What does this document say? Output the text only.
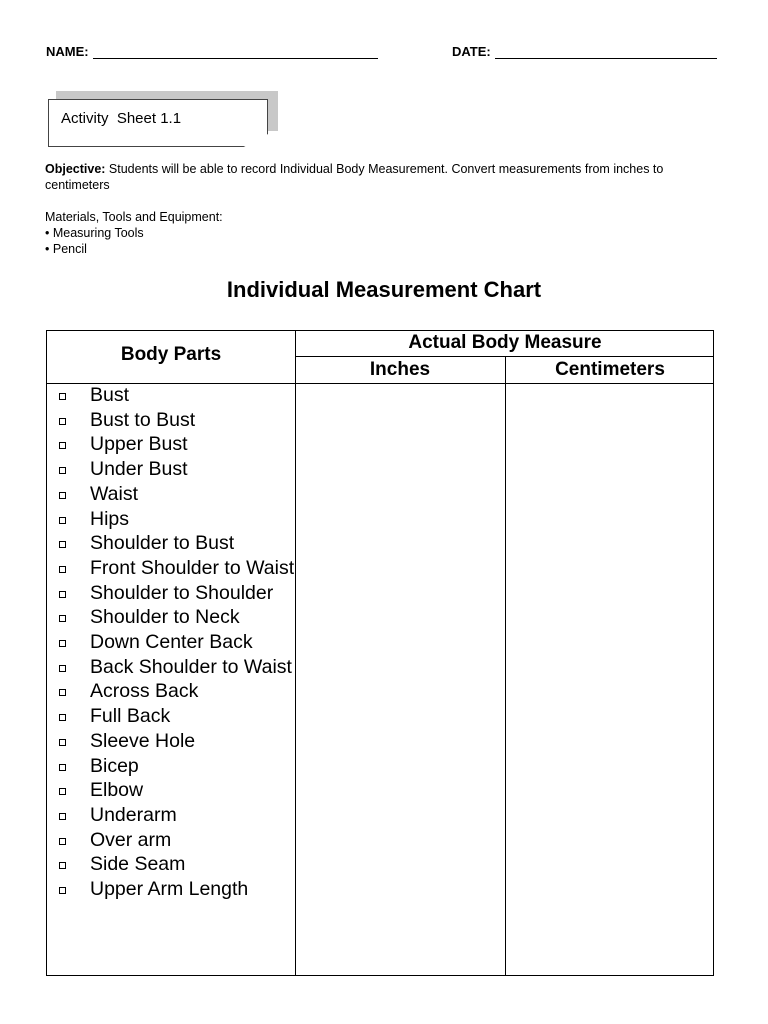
NAME:	DATE:
Activity  Sheet 1.1
Objective: Students will be able to record Individual Body Measurement. Convert measurements from inches to centimeters
Materials, Tools and Equipment:
• Measuring Tools
• Pencil
Individual Measurement Chart
Body Parts
Actual Body Measure
Inches	Centimeters
Bust
Bust to Bust
Upper Bust
Under Bust
Waist
Hips
Shoulder to Bust
Front Shoulder to Waist
Shoulder to Shoulder
Shoulder to Neck
Down Center Back
Back Shoulder to Waist
Across Back
Full Back
Sleeve Hole
Bicep
Elbow
Underarm
Over arm
Side Seam
Upper Arm Length
